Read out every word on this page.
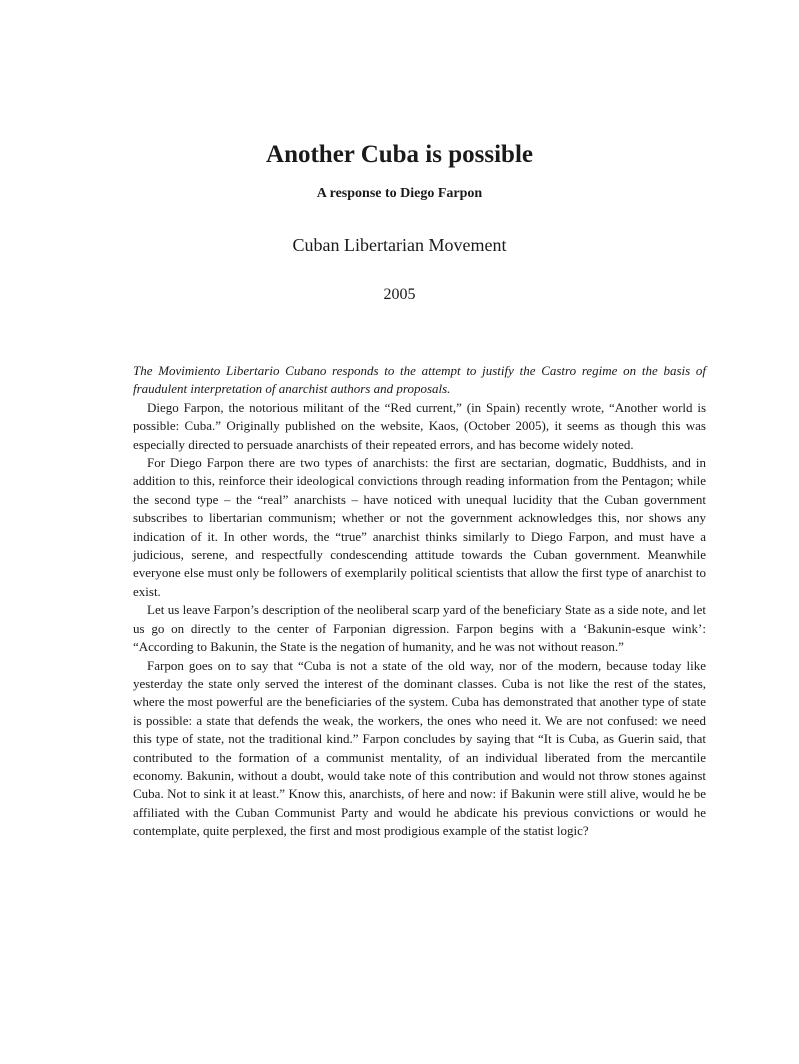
Another Cuba is possible
A response to Diego Farpon
Cuban Libertarian Movement
2005

The Movimiento Libertario Cubano responds to the attempt to justify the Castro regime on the basis of fraudulent interpretation of anarchist authors and proposals.

Diego Farpon, the notorious militant of the “Red current,” (in Spain) recently wrote, “Another world is possible: Cuba.” Originally published on the website, Kaos, (October 2005), it seems as though this was especially directed to persuade anarchists of their repeated errors, and has become widely noted.

For Diego Farpon there are two types of anarchists: the first are sectarian, dogmatic, Buddhists, and in addition to this, reinforce their ideological convictions through reading information from the Pentagon; while the second type – the “real” anarchists – have noticed with unequal lucidity that the Cuban government subscribes to libertarian communism; whether or not the government acknowledges this, nor shows any indication of it. In other words, the “true” anarchist thinks similarly to Diego Farpon, and must have a judicious, serene, and respectfully condescending attitude towards the Cuban government. Meanwhile everyone else must only be followers of exemplarily political scientists that allow the first type of anarchist to exist.

Let us leave Farpon’s description of the neoliberal scarp yard of the beneficiary State as a side note, and let us go on directly to the center of Farponian digression. Farpon begins with a ‘Bakunin-esque wink’: “According to Bakunin, the State is the negation of humanity, and he was not without reason.”

Farpon goes on to say that “Cuba is not a state of the old way, nor of the modern, because today like yesterday the state only served the interest of the dominant classes. Cuba is not like the rest of the states, where the most powerful are the beneficiaries of the system. Cuba has demonstrated that another type of state is possible: a state that defends the weak, the workers, the ones who need it. We are not confused: we need this type of state, not the traditional kind.” Farpon concludes by saying that “It is Cuba, as Guerin said, that contributed to the formation of a communist mentality, of an individual liberated from the mercantile economy. Bakunin, without a doubt, would take note of this contribution and would not throw stones against Cuba. Not to sink it at least.” Know this, anarchists, of here and now: if Bakunin were still alive, would he be affiliated with the Cuban Communist Party and would he abdicate his previous convictions or would he contemplate, quite perplexed, the first and most prodigious example of the statist logic?
